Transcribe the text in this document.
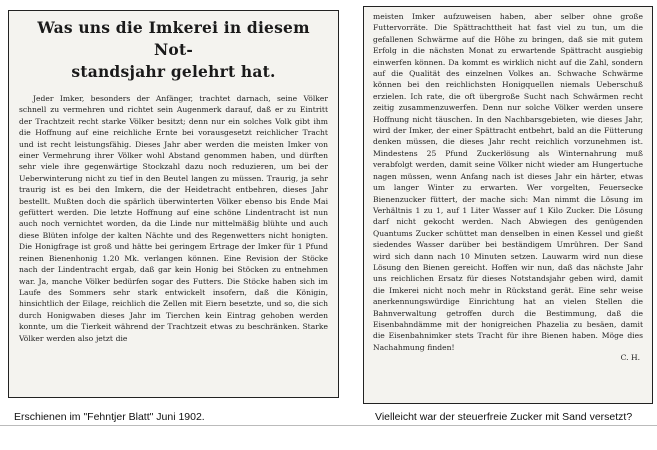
Was uns die Imkerei in diesem Not-
standsjahr gelehrt hat.
Jeder Imker, besonders der Anfänger, trachtet darnach, seine Völker schnell zu vermehren und richtet sein Augenmerk darauf, daß er zu Eintritt der Trachtzeit recht starke Völker besitzt; denn nur ein solches Volk gibt ihm die Hoffnung auf eine reichliche Ernte bei vorausgesetzt reichlicher Tracht und ist recht leistungsfähig. Dieses Jahr aber werden die meisten Imker von einer Vermehrung ihrer Völker wohl Abstand genommen haben, und dürften sehr viele ihre gegenwärtige Stockzahl dazu noch reduzieren, um bei der Ueberwinterung nicht zu tief in den Beutel langen zu müssen. Traurig, ja sehr traurig ist es bei den Imkern, die der Heidetracht entbehren, dieses Jahr bestellt. Mußten doch die spärlich überwinterten Völker ebenso bis Ende Mai gefüttert werden. Die letzte Hoffnung auf eine schöne Lindentracht ist nun auch noch vernichtet worden, da die Linde nur mittelmäßig blühte und auch diese Blüten infolge der kalten Nächte und des Regenwetters nicht honigten. Die Honigfrage ist groß und hätte bei geringem Ertrage der Imker für 1 Pfund reinen Bienenhonig 1.20 Mk. verlangen können. Eine Revision der Stöcke nach der Lindentracht ergab, daß gar kein Honig bei Stöcken zu entnehmen war. Ja, manche Völker bedürfen sogar des Futters. Die Stöcke haben sich im Laufe des Sommers sehr stark entwickelt insofern, daß die Königin, hinsichtlich der Eilage, reichlich die Zellen mit Eiern besetzte, und so, die sich durch Honigwaben dieses Jahr im Tierchen kein Eintrag gehoben werden konnte, um die Tierkeit während der Trachtzeit etwas zu beschränken. Starke Völker werden also jetzt die
meisten Imker aufzuweisen haben, aber selber ohne große Futtervorräte. Die Spättrachttheit hat fast viel zu tun, um die gefallenen Schwärme auf die Höhe zu bringen, daß sie mit gutem Erfolg in die nächsten Monat zu erwartende Spättracht ausgiebig einwerfen können. Da kommt es wirklich nicht auf die Zahl, sondern auf die Qualität des einzelnen Volkes an. Schwache Schwärme können bei den reichlichsten Honigquellen niemals Ueberschuß erzielen. Ich rate, die oft übergroße Sucht nach Schwärmen recht zeitig zusammenzuwerfen. Denn nur solche Völker werden unsere Hoffnung nicht täuschen. In den Nachbarsgebieten, wie dieses Jahr, wird der Imker, der einer Spättracht entbehrt, bald an die Fütterung denken müssen, die dieses Jahr recht reichlich vorzunehmen ist. Mindestens 25 Pfund Zuckerlösung als Winternahrung muß verabfolgt werden, damit seine Völker nicht wieder am Hungertuche nagen müssen, wenn Anfang nach ist dieses Jahr ein härter, etwas um langer Winter zu erwarten. Wer vorgelten, Feuersecke Bienenzucker füttert, der mache sich: Man nimmt die Lösung im Verhältnis 1 zu 1, auf 1 Liter Wasser auf 1 Kilo Zucker. Die Lösung darf nicht gekocht werden. Nach Abwiegen des genügenden Quantums Zucker schüttet man denselben in einen Kessel und gießt siedendes Wasser darüber bei beständigem Umrühren. Der Sand wird sich dann nach 10 Minuten setzen. Lauwarm wird nun diese Lösung den Bienen gereicht. Hoffen wir nun, daß das nächste Jahr uns reichlichen Ersatz für dieses Notstandsjahr geben wird, damit die Imkerei nicht noch mehr in Rückstand gerät. Eine sehr weise anerkennungswürdige Einrichtung hat an vielen Stellen die Bahnverwaltung getroffen durch die Bestimmung, daß die Eisenbahndämme mit der honigreichen Phazelia zu besäen, damit die Eisenbahnimker stets Tracht für ihre Bienen haben. Möge dies Nachahmung finden!
C. H.
Erschienen im "Fehntjer Blatt" Juni 1902.	Vielleicht war der steuerfreie Zucker mit Sand versetzt?
